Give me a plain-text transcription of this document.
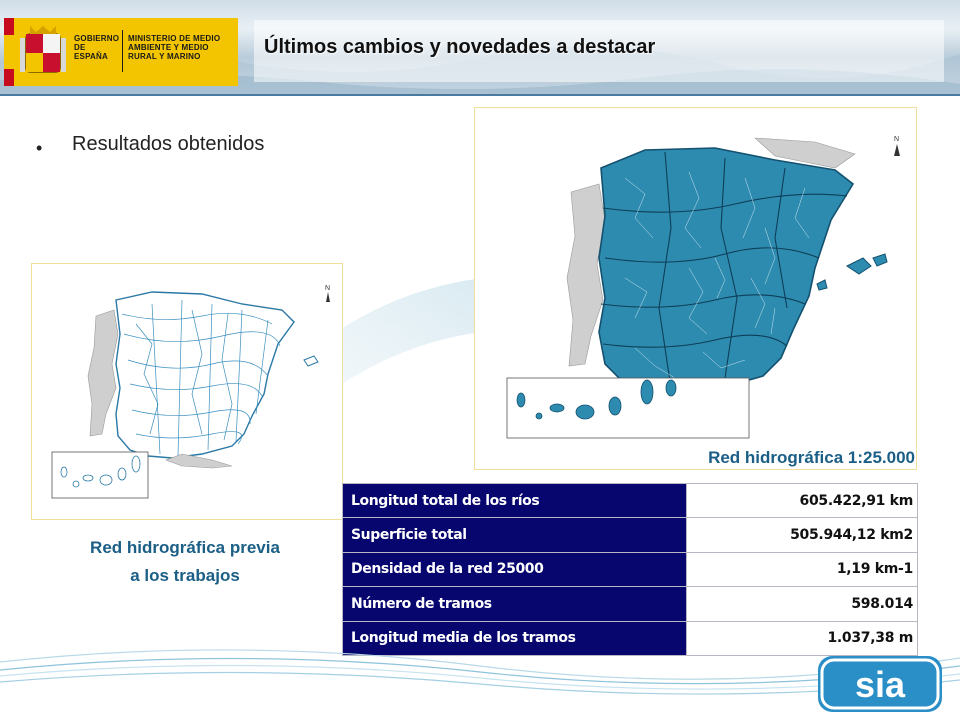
GOBIERNO DE ESPAÑA
MINISTERIO DE MEDIO AMBIENTE Y MEDIO RURAL Y MARINO	Últimos cambios y novedades a destacar
• Resultados obtenidos
N
N
Red hidrográfica 1:25.000
Red hidrográfica previa
a los trabajos
Longitud total de los ríos	605.422,91 km
Superficie total	505.944,12 km2
Densidad de la red 25000	1,19 km-1
Número de tramos	598.014
Longitud media de los tramos	1.037,38 m
sia
